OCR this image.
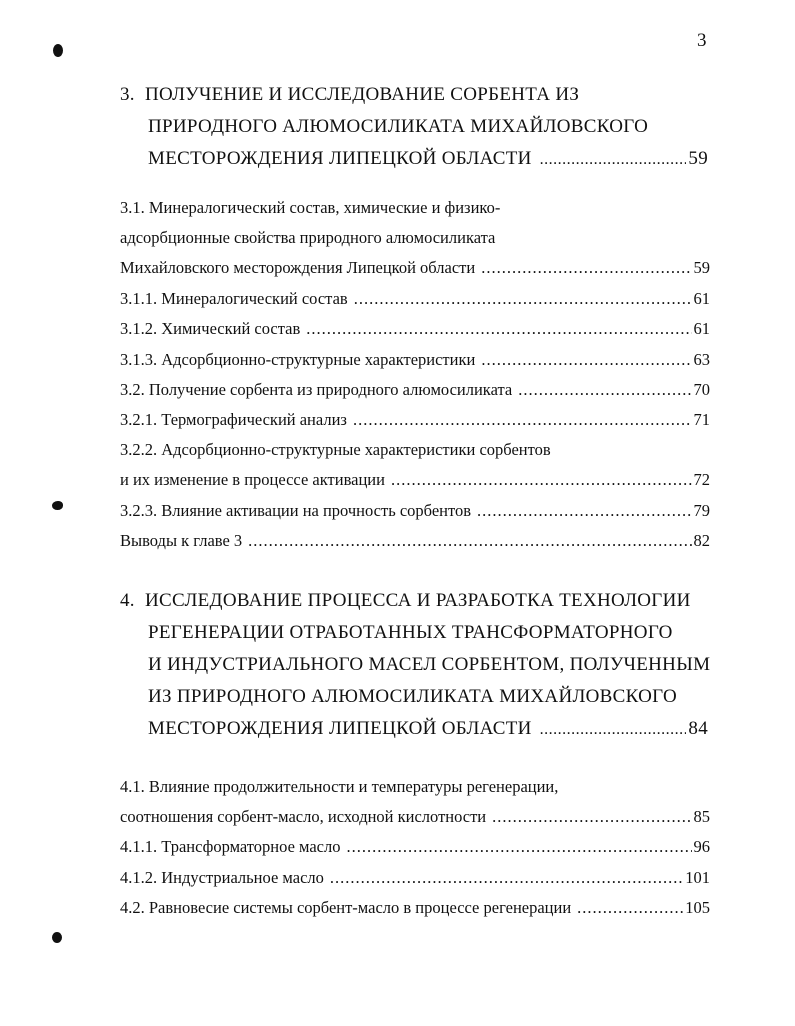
3
3. ПОЛУЧЕНИЕ И ИССЛЕДОВАНИЕ СОРБЕНТА ИЗ
ПРИРОДНОГО АЛЮМОСИЛИКАТА МИХАЙЛОВСКОГО
МЕСТОРОЖДЕНИЯ ЛИПЕЦКОЙ ОБЛАСТИ .....	59
3.1. Минералогический состав, химические и физико-
адсорбционные свойства природного алюмосиликата
Михайловского месторождения Липецкой области .....	59
3.1.1. Минералогический состав .....	61
3.1.2. Химический состав .....	61
3.1.3. Адсорбционно-структурные характеристики .....	63
3.2. Получение сорбента из природного алюмосиликата .....	70
3.2.1. Термографический анализ .....	71
3.2.2. Адсорбционно-структурные характеристики сорбентов
и их изменение в процессе активации .....	72
3.2.3. Влияние активации на прочность сорбентов .....	79
Выводы к главе 3 .....	82
4. ИССЛЕДОВАНИЕ ПРОЦЕССА И РАЗРАБОТКА ТЕХНОЛОГИИ
РЕГЕНЕРАЦИИ ОТРАБОТАННЫХ ТРАНСФОРМАТОРНОГО
И ИНДУСТРИАЛЬНОГО МАСЕЛ СОРБЕНТОМ, ПОЛУЧЕННЫМ
ИЗ ПРИРОДНОГО АЛЮМОСИЛИКАТА МИХАЙЛОВСКОГО
МЕСТОРОЖДЕНИЯ ЛИПЕЦКОЙ ОБЛАСТИ .....	84
4.1. Влияние продолжительности и температуры регенерации,
соотношения сорбент-масло, исходной кислотности .....	85
4.1.1. Трансформаторное масло .....	96
4.1.2. Индустриальное масло .....	101
4.2. Равновесие системы сорбент-масло в процессе регенерации .....	105
